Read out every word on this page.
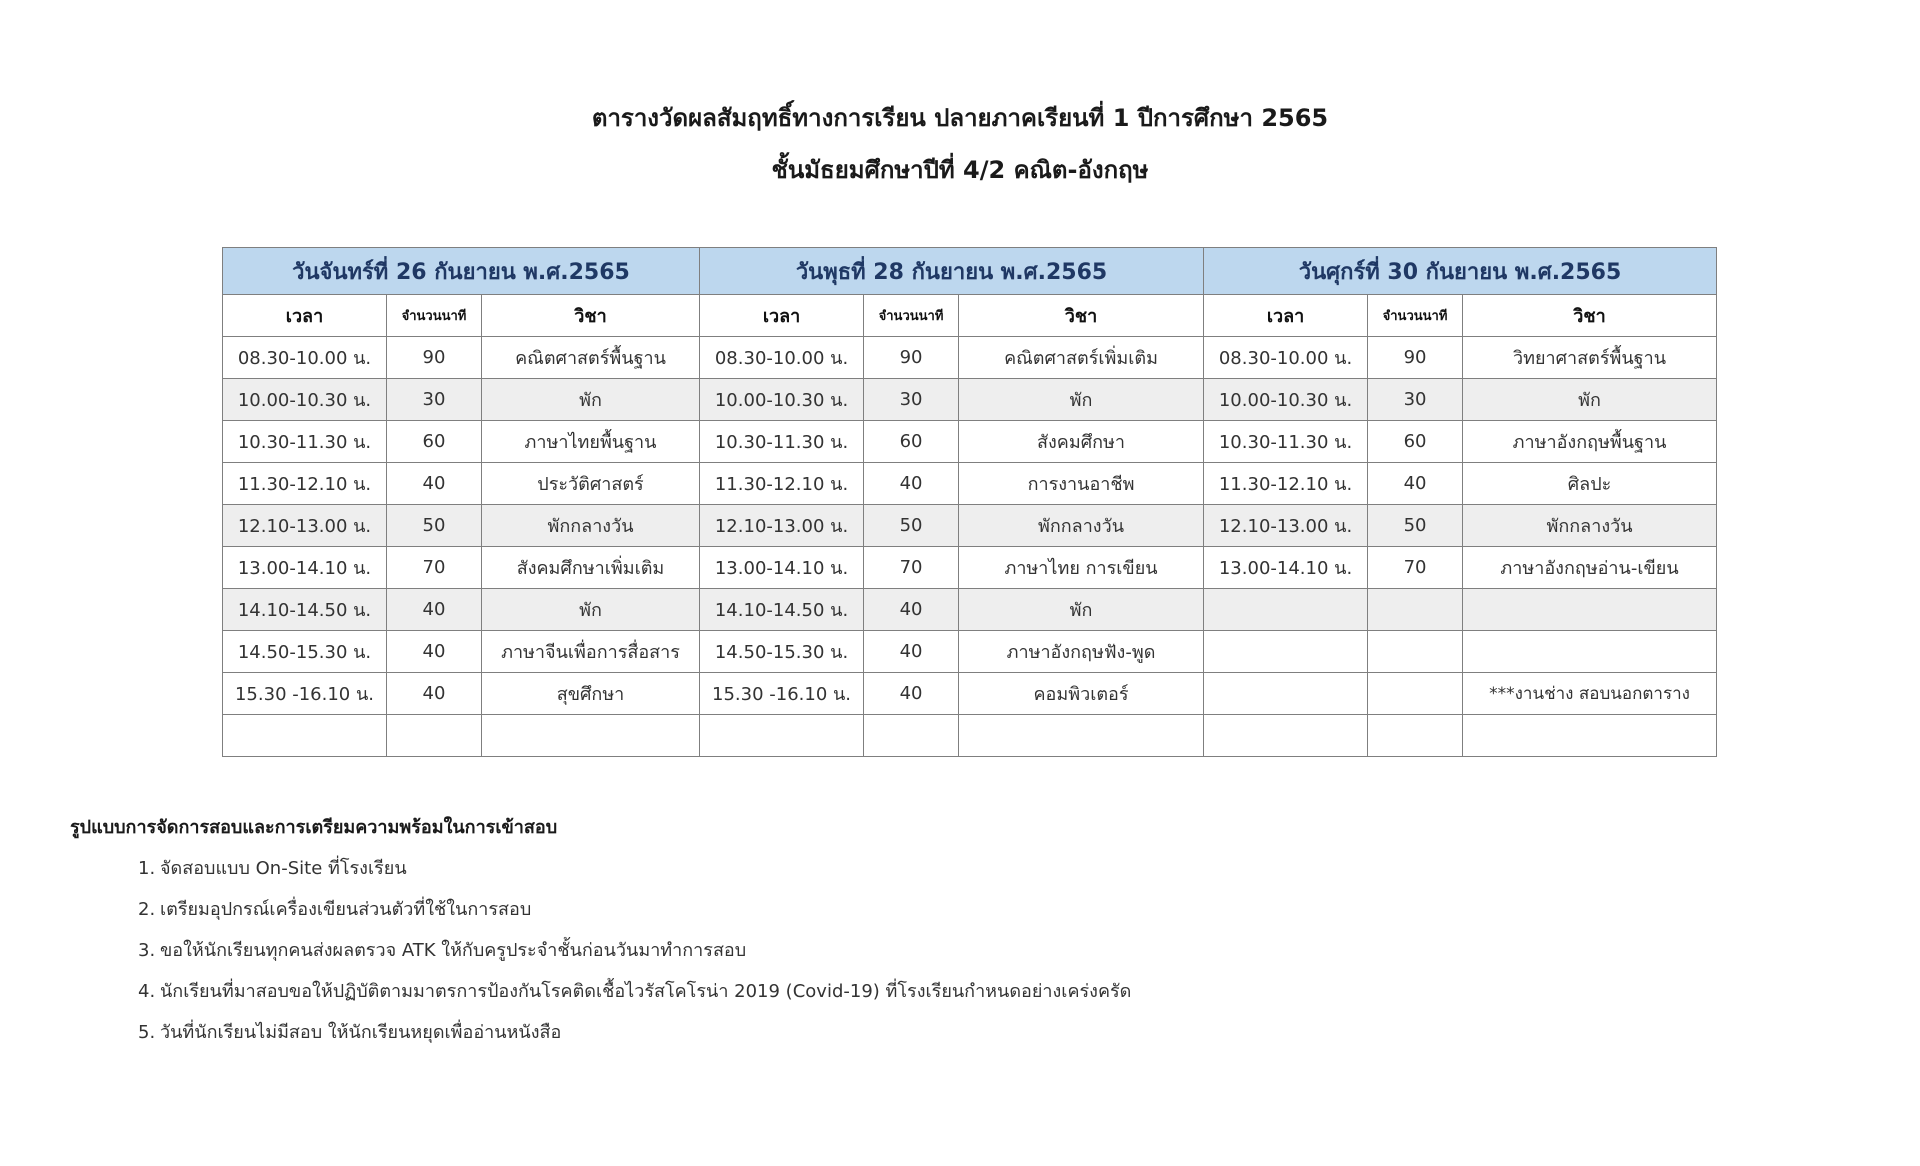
ตารางวัดผลสัมฤทธิ์ทางการเรียน ปลายภาคเรียนที่ 1 ปีการศึกษา 2565
ชั้นมัธยมศึกษาปีที่ 4/2 คณิต-อังกฤษ
วันจันทร์ที่ 26 กันยายน พ.ศ.2565			วันพุธที่ 28 กันยายน พ.ศ.2565			วันศุกร์ที่ 30 กันยายน พ.ศ.2565		
เวลา	จำนวนนาที	วิชา	เวลา	จำนวนนาที	วิชา	เวลา	จำนวนนาที	วิชา
08.30-10.00 น.	90	คณิตศาสตร์พื้นฐาน	08.30-10.00 น.	90	คณิตศาสตร์เพิ่มเติม	08.30-10.00 น.	90	วิทยาศาสตร์พื้นฐาน
10.00-10.30 น.	30	พัก	10.00-10.30 น.	30	พัก	10.00-10.30 น.	30	พัก
10.30-11.30 น.	60	ภาษาไทยพื้นฐาน	10.30-11.30 น.	60	สังคมศึกษา	10.30-11.30 น.	60	ภาษาอังกฤษพื้นฐาน
11.30-12.10 น.	40	ประวัติศาสตร์	11.30-12.10 น.	40	การงานอาชีพ	11.30-12.10 น.	40	ศิลปะ
12.10-13.00 น.	50	พักกลางวัน	12.10-13.00 น.	50	พักกลางวัน	12.10-13.00 น.	50	พักกลางวัน
13.00-14.10 น.	70	สังคมศึกษาเพิ่มเติม	13.00-14.10 น.	70	ภาษาไทย การเขียน	13.00-14.10 น.	70	ภาษาอังกฤษอ่าน-เขียน
14.10-14.50 น.	40	พัก	14.10-14.50 น.	40	พัก			
14.50-15.30 น.	40	ภาษาจีนเพื่อการสื่อสาร	14.50-15.30 น.	40	ภาษาอังกฤษฟัง-พูด			
15.30 -16.10 น.	40	สุขศึกษา	15.30 -16.10 น.	40	คอมพิวเตอร์			***งานช่าง สอบนอกตาราง

รูปแบบการจัดการสอบและการเตรียมความพร้อมในการเข้าสอบ
1. จัดสอบแบบ On-Site ที่โรงเรียน
2. เตรียมอุปกรณ์เครื่องเขียนส่วนตัวที่ใช้ในการสอบ
3. ขอให้นักเรียนทุกคนส่งผลตรวจ ATK ให้กับครูประจำชั้นก่อนวันมาทำการสอบ
4. นักเรียนที่มาสอบขอให้ปฏิบัติตามมาตรการป้องกันโรคติดเชื้อไวรัสโคโรน่า 2019 (Covid-19) ที่โรงเรียนกำหนดอย่างเคร่งครัด
5. วันที่นักเรียนไม่มีสอบ ให้นักเรียนหยุดเพื่ออ่านหนังสือ
